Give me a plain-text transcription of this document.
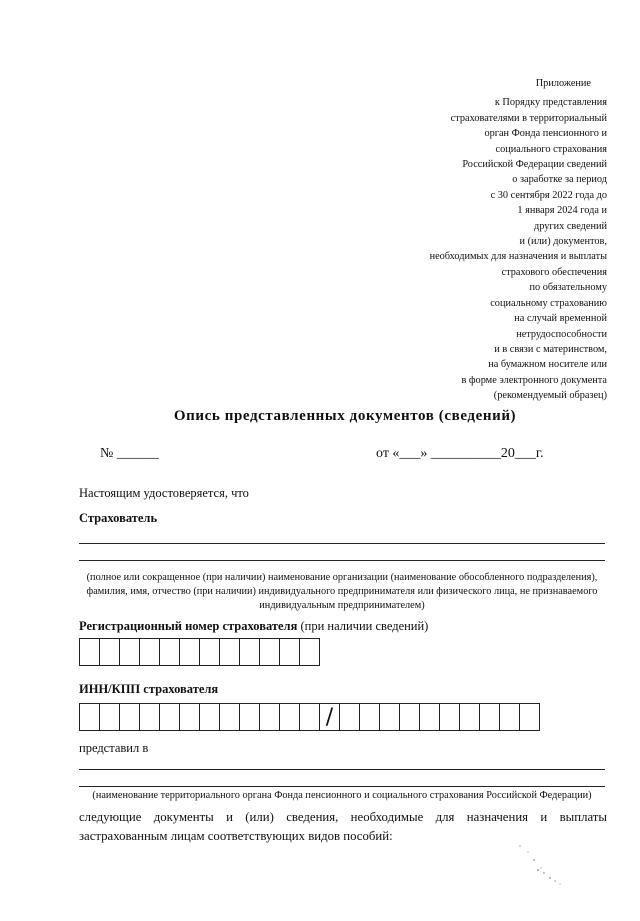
Приложение
к Порядку представления
страхователями в территориальный
орган Фонда пенсионного и
социального страхования
Российской Федерации сведений
о заработке за период
с 30 сентября 2022 года до
1 января 2024 года и
других сведений
и (или) документов,
необходимых для назначения и выплаты
страхового обеспечения
по обязательному
социальному страхованию
на случай временной
нетрудоспособности
и в связи с материнством,
на бумажном носителе или
в форме электронного документа
(рекомендуемый образец)
Опись представленных документов (сведений)
№ ______	от «___» __________20___г.
Настоящим удостоверяется, что
Страхователь
(полное или сокращенное (при наличии) наименование организации (наименование обособленного подразделения), фамилия, имя, отчество (при наличии) индивидуального предпринимателя или физического лица, не признаваемого индивидуальным предпринимателем)
Регистрационный номер страхователя (при наличии сведений)
ИНН/КПП страхователя
/
представил в
(наименование территориального органа Фонда пенсионного и социального страхования Российской Федерации)
следующие документы и (или) сведения, необходимые для назначения и выплаты
застрахованным лицам соответствующих видов пособий:
